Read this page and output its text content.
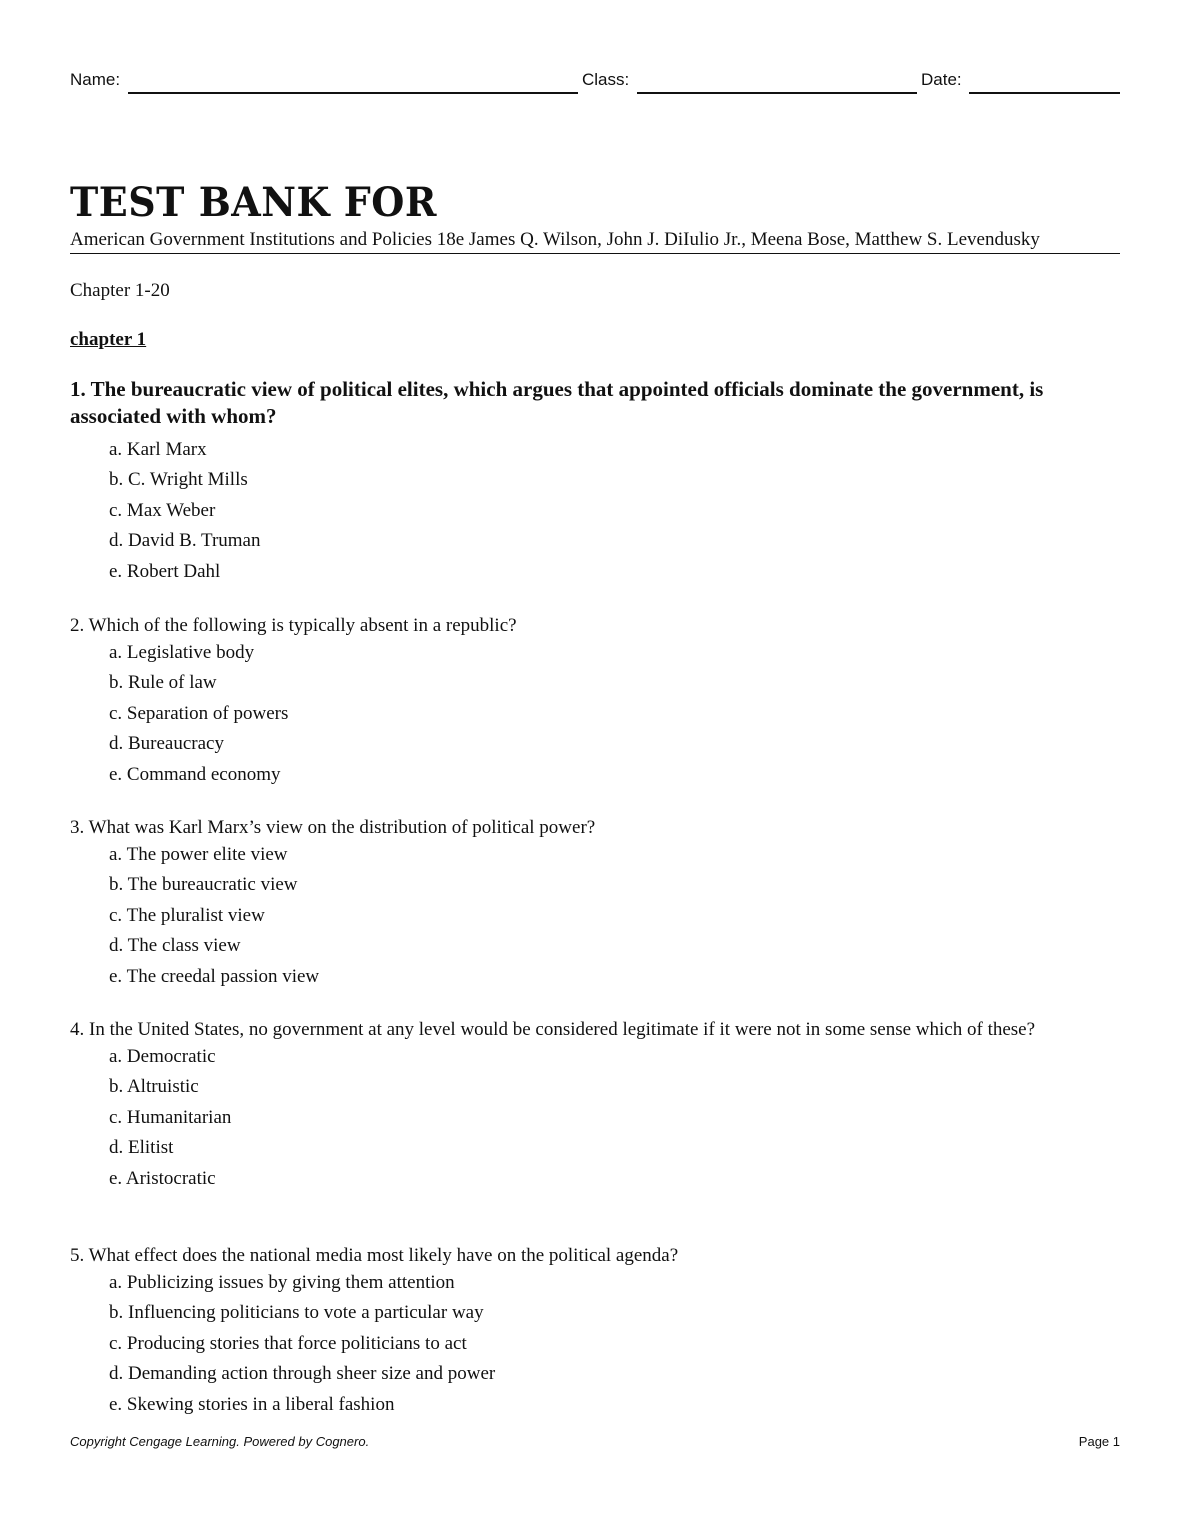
Name:	Class:	Date:
TEST BANK FOR
American Government Institutions and Policies 18e James Q. Wilson, John J. DiIulio Jr., Meena Bose, Matthew S. Levendusky
Chapter 1-20
chapter 1
1. The bureaucratic view of political elites, which argues that appointed officials dominate the government, is associated with whom?
a. Karl Marx
b. C. Wright Mills
c. Max Weber
d. David B. Truman
e. Robert Dahl
2. Which of the following is typically absent in a republic?
a. Legislative body
b. Rule of law
c. Separation of powers
d. Bureaucracy
e. Command economy
3. What was Karl Marx’s view on the distribution of political power?
a. The power elite view
b. The bureaucratic view
c. The pluralist view
d. The class view
e. The creedal passion view
4. In the United States, no government at any level would be considered legitimate if it were not in some sense which of these?
a. Democratic
b. Altruistic
c. Humanitarian
d. Elitist
e. Aristocratic
5. What effect does the national media most likely have on the political agenda?
a. Publicizing issues by giving them attention
b. Influencing politicians to vote a particular way
c. Producing stories that force politicians to act
d. Demanding action through sheer size and power
e. Skewing stories in a liberal fashion
Copyright Cengage Learning. Powered by Cognero.	Page 1
